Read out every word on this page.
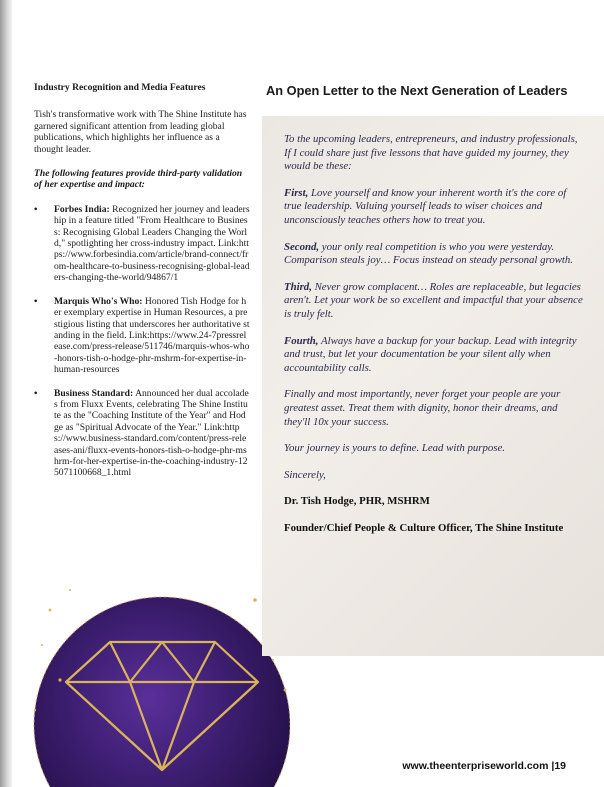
Industry Recognition and Media Features

Tish's transformative work with The Shine Institute has garnered significant attention from leading global publications, which highlights her influence as a thought leader.

The following features provide third-party validation of her expertise and impact:

• Forbes India: Recognized her journey and leadership in a feature titled "From Healthcare to Business: Recognising Global Leaders Changing the World," spotlighting her cross-industry impact. Link:https://www.forbesindia.com/article/brand-connect/from-healthcare-to-business-recognising-global-leaders-changing-the-world/94867/1
• Marquis Who's Who: Honored Tish Hodge for her exemplary expertise in Human Resources, a prestigious listing that underscores her authoritative standing in the field. Link:https://www.24-7pressrelease.com/press-release/511746/marquis-whos-who-honors-tish-o-hodge-phr-mshrm-for-expertise-in-human-resources
• Business Standard: Announced her dual accolades from Fluxx Events, celebrating The Shine Institute as the "Coaching Institute of the Year" and Hodge as "Spiritual Advocate of the Year." Link:https://www.business-standard.com/content/press-releases-ani/fluxx-events-honors-tish-o-hodge-phr-mshrm-for-her-expertise-in-the-coaching-industry-125071100668_1.html
An Open Letter to the Next Generation of Leaders

To the upcoming leaders, entrepreneurs, and industry professionals,
If I could share just five lessons that have guided my journey, they would be these:

First, Love yourself and know your inherent worth it's the core of true leadership. Valuing yourself leads to wiser choices and unconsciously teaches others how to treat you.

Second, your only real competition is who you were yesterday. Comparison steals joy… Focus instead on steady personal growth.

Third, Never grow complacent… Roles are replaceable, but legacies aren't. Let your work be so excellent and impactful that your absence is truly felt.

Fourth, Always have a backup for your backup. Lead with integrity and trust, but let your documentation be your silent ally when accountability calls.

Finally and most importantly, never forget your people are your greatest asset. Treat them with dignity, honor their dreams, and they'll 10x your success.

Your journey is yours to define. Lead with purpose.

Sincerely,

Dr. Tish Hodge, PHR, MSHRM

Founder/Chief People & Culture Officer, The Shine Institute

www.theenterpriseworld.com |19
